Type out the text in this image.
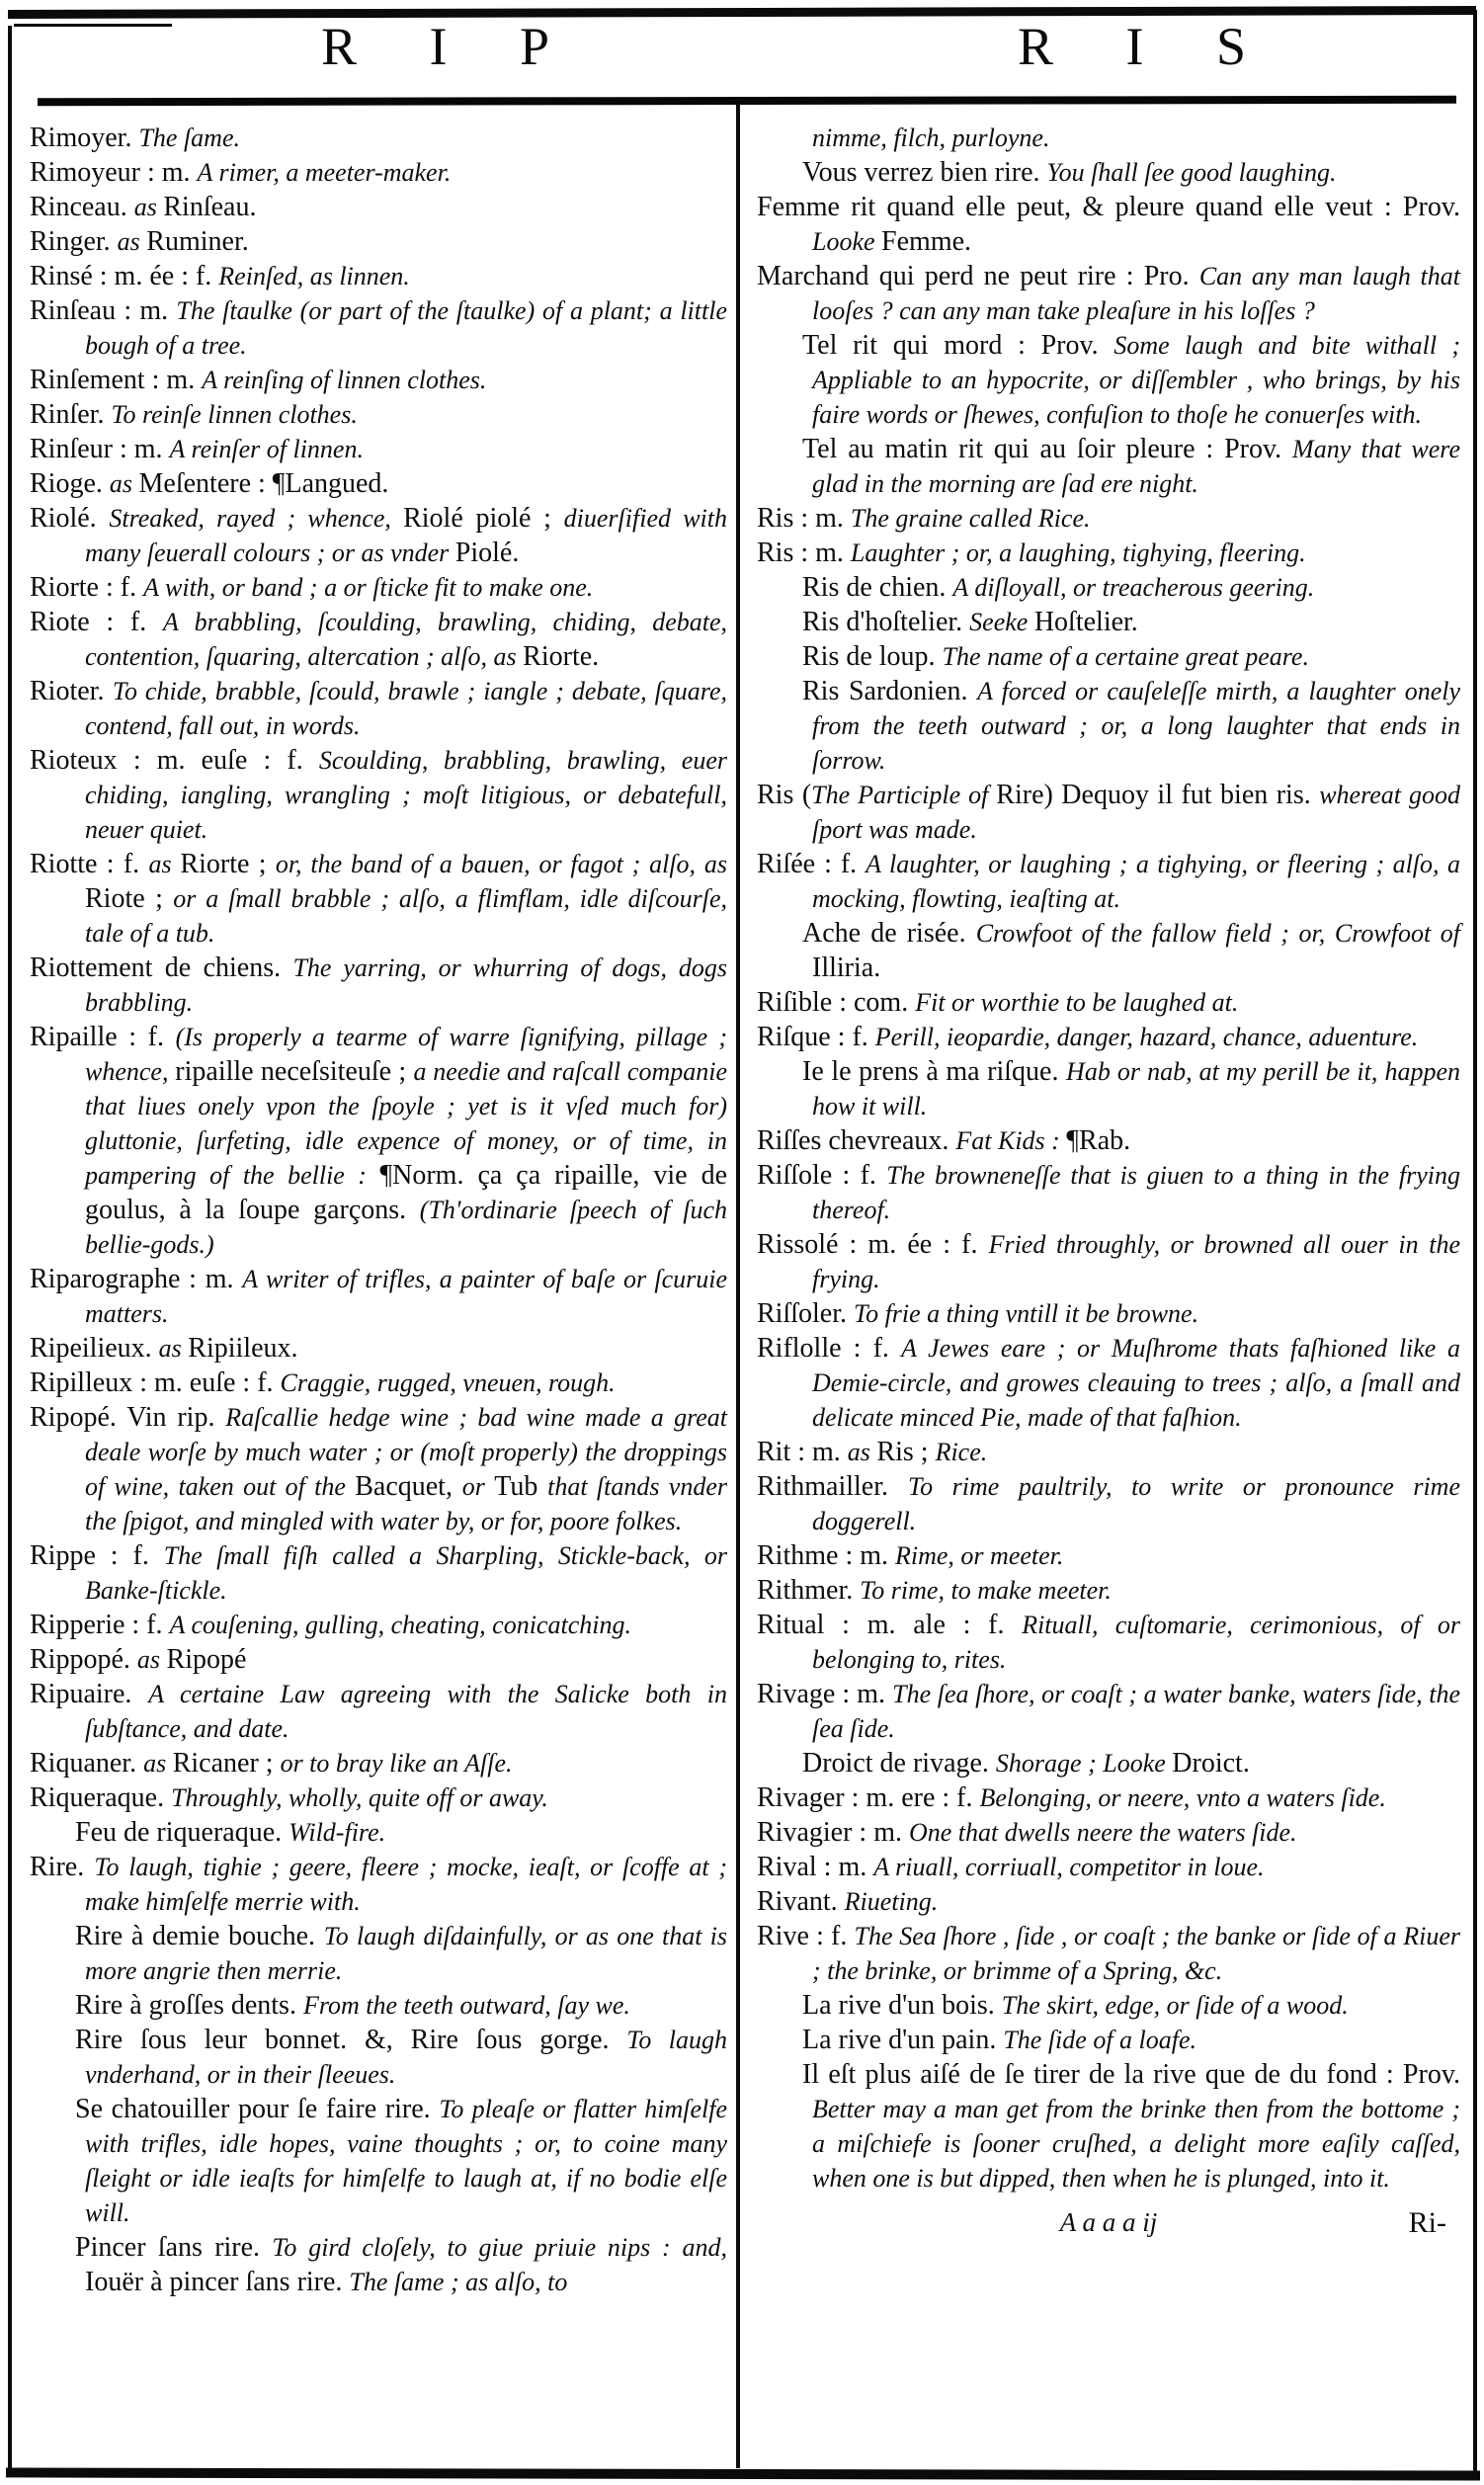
R I P	R I S
Rimoyer. The ſame.
Rimoyeur : m. A rimer, a meeter-maker.
Rinceau. as Rinſeau.
Ringer. as Ruminer.
Rinsé : m. ée : f. Reinſed, as linnen.
Rinſeau : m. The ſtaulke (or part of the ſtaulke) of a plant; a little bough of a tree.
Rinſement : m. A reinſing of linnen clothes.
Rinſer. To reinſe linnen clothes.
Rinſeur : m. A reinſer of linnen.
Rioge. as Meſentere : ¶Langued.
Riolé. Streaked, rayed ; whence, Riolé piolé ; diuerſified with many ſeuerall colours ; or as vnder Piolé.
Riorte : f. A with, or band ; a or ſticke fit to make one.
Riote : f. A brabbling, ſcoulding, brawling, chiding, debate, contention, ſquaring, altercation ; alſo, as Riorte.
Rioter. To chide, brabble, ſcould, brawle ; iangle ; debate, ſquare, contend, fall out, in words.
Rioteux : m. euſe : f. Scoulding, brabbling, brawling, euer chiding, iangling, wrangling ; moſt litigious, or debatefull, neuer quiet.
Riotte : f. as Riorte ; or, the band of a bauen, or fagot ; alſo, as Riote ; or a ſmall brabble ; alſo, a flimflam, idle diſcourſe, tale of a tub.
Riottement de chiens. The yarring, or whurring of dogs, dogs brabbling.
Ripaille : f. (Is properly a tearme of warre ſignifying, pillage ; whence, ripaille neceſsiteuſe ; a needie and raſcall companie that liues onely vpon the ſpoyle ; yet is it vſed much for) gluttonie, ſurfeting, idle expence of money, or of time, in pampering of the bellie : ¶Norm. ça ça ripaille, vie de goulus, à la ſoupe garçons. (Th'ordinarie ſpeech of ſuch bellie-gods.)
Riparographe : m. A writer of trifles, a painter of baſe or ſcuruie matters.
Ripeilieux. as Ripiileux.
Ripilleux : m. euſe : f. Craggie, rugged, vneuen, rough.
Ripopé. Vin rip. Raſcallie hedge wine ; bad wine made a great deale worſe by much water ; or (moſt properly) the droppings of wine, taken out of the Bacquet, or Tub that ſtands vnder the ſpigot, and mingled with water by, or for, poore folkes.
Rippe : f. The ſmall fiſh called a Sharpling, Stickle-back, or Banke-ſtickle.
Ripperie : f. A couſening, gulling, cheating, conicatching.
Rippopé. as Ripopé
Ripuaire. A certaine Law agreeing with the Salicke both in ſubſtance, and date.
Riquaner. as Ricaner ; or to bray like an Aſſe.
Riqueraque. Throughly, wholly, quite off or away.
Feu de riqueraque. Wild-fire.
Rire. To laugh, tighie ; geere, fleere ; mocke, ieaſt, or ſcoffe at ; make himſelfe merrie with.
Rire à demie bouche. To laugh diſdainfully, or as one that is more angrie then merrie.
Rire à groſſes dents. From the teeth outward, ſay we.
Rire ſous leur bonnet. &, Rire ſous gorge. To laugh vnderhand, or in their ſleeues.
Se chatouiller pour ſe faire rire. To pleaſe or flatter himſelfe with trifles, idle hopes, vaine thoughts ; or, to coine many ſleight or idle ieaſts for himſelfe to laugh at, if no bodie elſe will.
Pincer ſans rire. To gird cloſely, to giue priuie nips : and, Iouër à pincer ſans rire. The ſame ; as alſo, to
nimme, filch, purloyne.
Vous verrez bien rire. You ſhall ſee good laughing.
Femme rit quand elle peut, & pleure quand elle veut : Prov. Looke Femme.
Marchand qui perd ne peut rire : Pro. Can any man laugh that looſes ? can any man take pleaſure in his loſſes ?
Tel rit qui mord : Prov. Some laugh and bite withall ; Appliable to an hypocrite, or diſſembler , who brings, by his faire words or ſhewes, confuſion to thoſe he conuerſes with.
Tel au matin rit qui au ſoir pleure : Prov. Many that were glad in the morning are ſad ere night.
Ris : m. The graine called Rice.
Ris : m. Laughter ; or, a laughing, tighying, fleering.
Ris de chien. A diſloyall, or treacherous geering.
Ris d'hoſtelier. Seeke Hoſtelier.
Ris de loup. The name of a certaine great peare.
Ris Sardonien. A forced or cauſeleſſe mirth, a laughter onely from the teeth outward ; or, a long laughter that ends in ſorrow.
Ris (The Participle of Rire) Dequoy il fut bien ris. whereat good ſport was made.
Riſée : f. A laughter, or laughing ; a tighying, or fleering ; alſo, a mocking, flowting, ieaſting at.
Ache de risée. Crowfoot of the fallow field ; or, Crowfoot of Illiria.
Riſible : com. Fit or worthie to be laughed at.
Riſque : f. Perill, ieopardie, danger, hazard, chance, aduenture.
Ie le prens à ma riſque. Hab or nab, at my perill be it, happen how it will.
Riſſes chevreaux. Fat Kids : ¶Rab.
Riſſole : f. The browneneſſe that is giuen to a thing in the frying thereof.
Rissolé : m. ée : f. Fried throughly, or browned all ouer in the frying.
Riſſoler. To frie a thing vntill it be browne.
Riflolle : f. A Jewes eare ; or Muſhrome thats faſhioned like a Demie-circle, and growes cleauing to trees ; alſo, a ſmall and delicate minced Pie, made of that faſhion.
Rit : m. as Ris ; Rice.
Rithmailler. To rime paultrily, to write or pronounce rime doggerell.
Rithme : m. Rime, or meeter.
Rithmer. To rime, to make meeter.
Ritual : m. ale : f. Rituall, cuſtomarie, cerimonious, of or belonging to, rites.
Rivage : m. The ſea ſhore, or coaſt ; a water banke, waters ſide, the ſea ſide.
Droict de rivage. Shorage ; Looke Droict.
Rivager : m. ere : f. Belonging, or neere, vnto a waters ſide.
Rivagier : m. One that dwells neere the waters ſide.
Rival : m. A riuall, corriuall, competitor in loue.
Rivant. Riueting.
Rive : f. The Sea ſhore , ſide , or coaſt ; the banke or ſide of a Riuer ; the brinke, or brimme of a Spring, &c.
La rive d'un bois. The skirt, edge, or ſide of a wood.
La rive d'un pain. The ſide of a loafe.
Il eſt plus aiſé de ſe tirer de la rive que de du fond : Prov. Better may a man get from the brinke then from the bottome ; a miſchiefe is ſooner cruſhed, a delight more eaſily caſſed, when one is but dipped, then when he is plunged, into it.
A a a a ij	Ri-
